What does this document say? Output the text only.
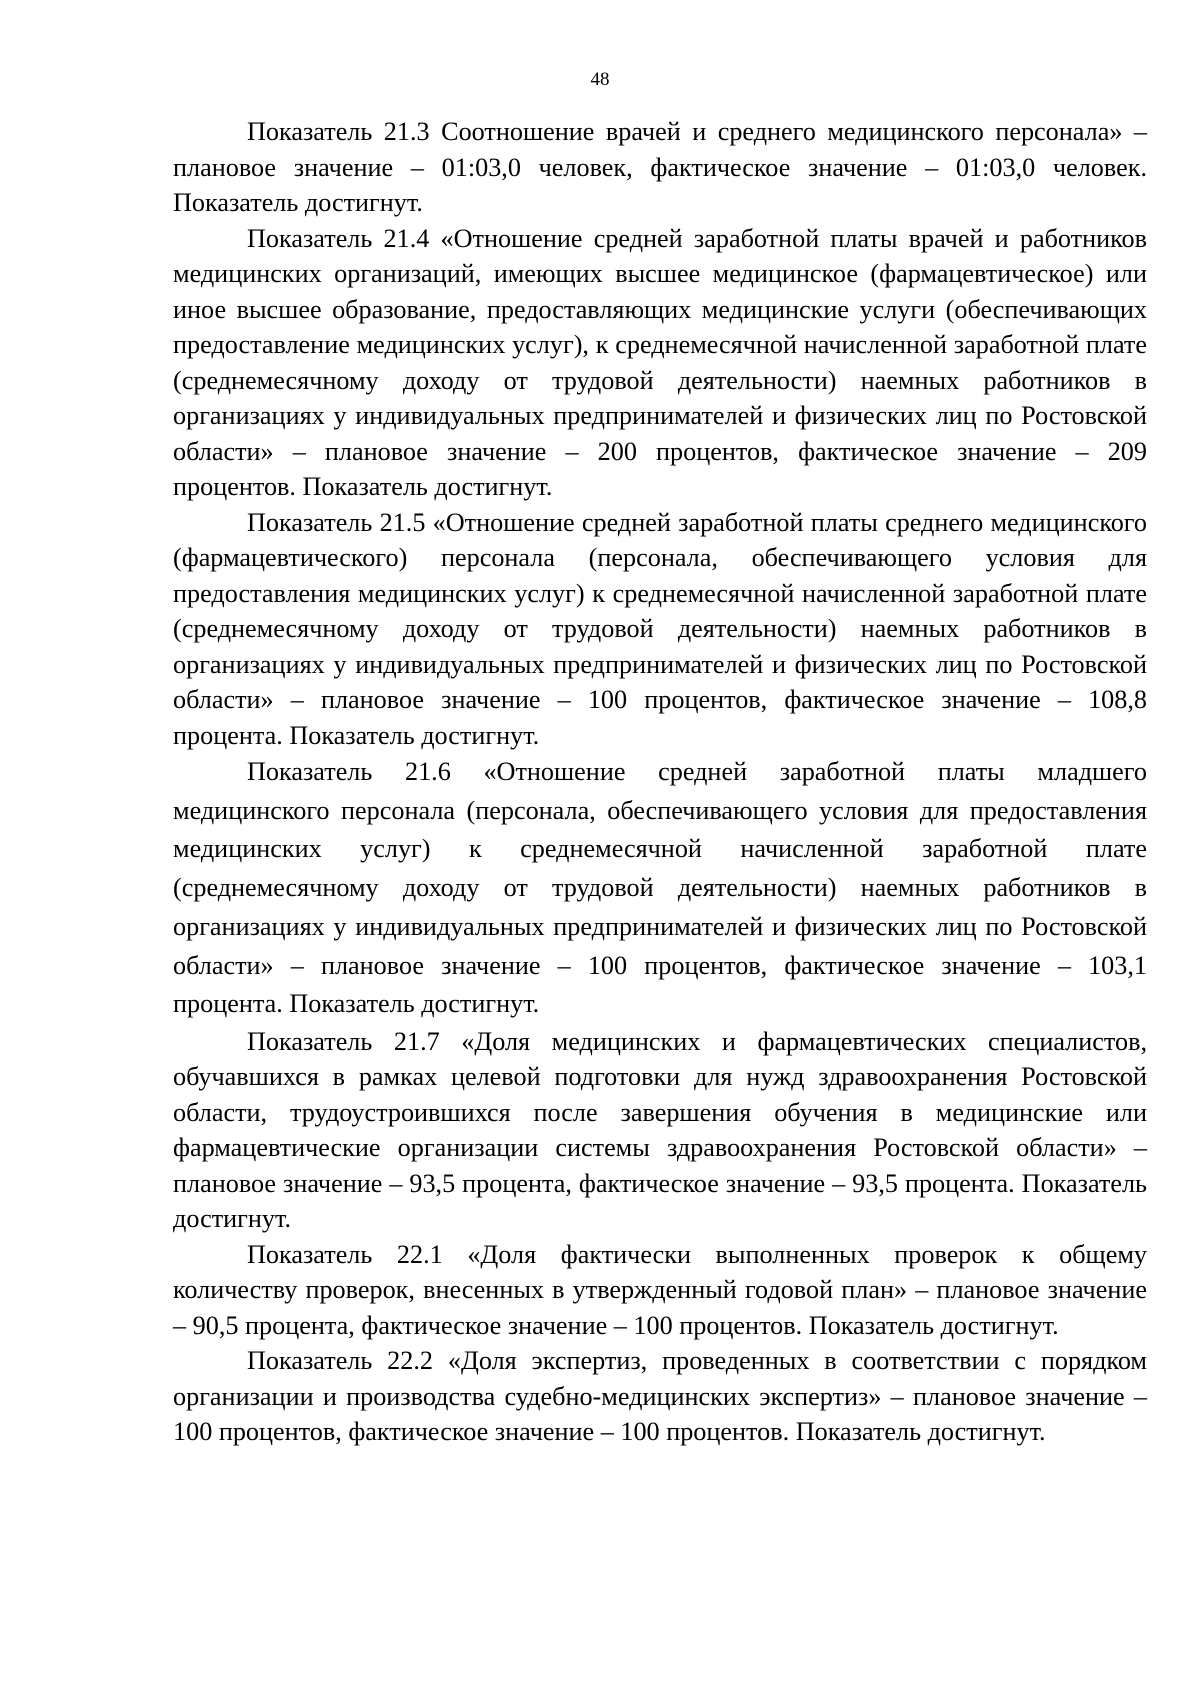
48

Показатель 21.3 Соотношение врачей и среднего медицинского персонала» – плановое значение – 01:03,0 человек, фактическое значение – 01:03,0 человек. Показатель достигнут.

Показатель 21.4 «Отношение средней заработной платы врачей и работников медицинских организаций, имеющих высшее медицинское (фармацевтическое) или иное высшее образование, предоставляющих медицинские услуги (обеспечивающих предоставление медицинских услуг), к среднемесячной начисленной заработной плате (среднемесячному доходу от трудовой деятельности) наемных работников в организациях у индивидуальных предпринимателей и физических лиц по Ростовской области» – плановое значение – 200 процентов, фактическое значение – 209 процентов. Показатель достигнут.

Показатель 21.5 «Отношение средней заработной платы среднего медицинского (фармацевтического) персонала (персонала, обеспечивающего условия для предоставления медицинских услуг) к среднемесячной начисленной заработной плате (среднемесячному доходу от трудовой деятельности) наемных работников в организациях у индивидуальных предпринимателей и физических лиц по Ростовской области» – плановое значение – 100 процентов, фактическое значение – 108,8 процента. Показатель достигнут.

Показатель 21.6 «Отношение средней заработной платы младшего медицинского персонала (персонала, обеспечивающего условия для предоставления медицинских услуг) к среднемесячной начисленной заработной плате (среднемесячному доходу от трудовой деятельности) наемных работников в организациях у индивидуальных предпринимателей и физических лиц по Ростовской области» – плановое значение – 100 процентов, фактическое значение – 103,1 процента. Показатель достигнут.

Показатель 21.7 «Доля медицинских и фармацевтических специалистов, обучавшихся в рамках целевой подготовки для нужд здравоохранения Ростовской области, трудоустроившихся после завершения обучения в медицинские или фармацевтические организации системы здравоохранения Ростовской области» – плановое значение – 93,5 процента, фактическое значение – 93,5 процента. Показатель достигнут.

Показатель 22.1 «Доля фактически выполненных проверок к общему количеству проверок, внесенных в утвержденный годовой план» – плановое значение – 90,5 процента, фактическое значение – 100 процентов. Показатель достигнут.

Показатель 22.2 «Доля экспертиз, проведенных в соответствии с порядком организации и производства судебно-медицинских экспертиз» – плановое значение – 100 процентов, фактическое значение – 100 процентов. Показатель достигнут.
